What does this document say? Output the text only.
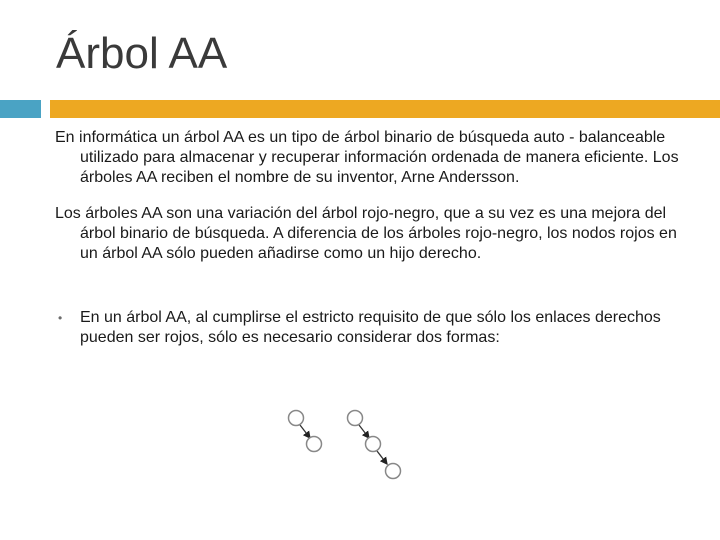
Árbol AA

En informática un árbol AA es un tipo de árbol binario de búsqueda auto - balanceable utilizado para almacenar y recuperar información ordenada de manera eficiente. Los árboles AA reciben el nombre de su inventor, Arne Andersson.

Los árboles AA son una variación del árbol rojo-negro, que a su vez es una mejora del árbol binario de búsqueda. A diferencia de los árboles rojo-negro, los nodos rojos en un árbol AA sólo pueden añadirse como un hijo derecho.

• En un árbol AA, al cumplirse el estricto requisito de que sólo los enlaces derechos pueden ser rojos, sólo es necesario considerar dos formas:
